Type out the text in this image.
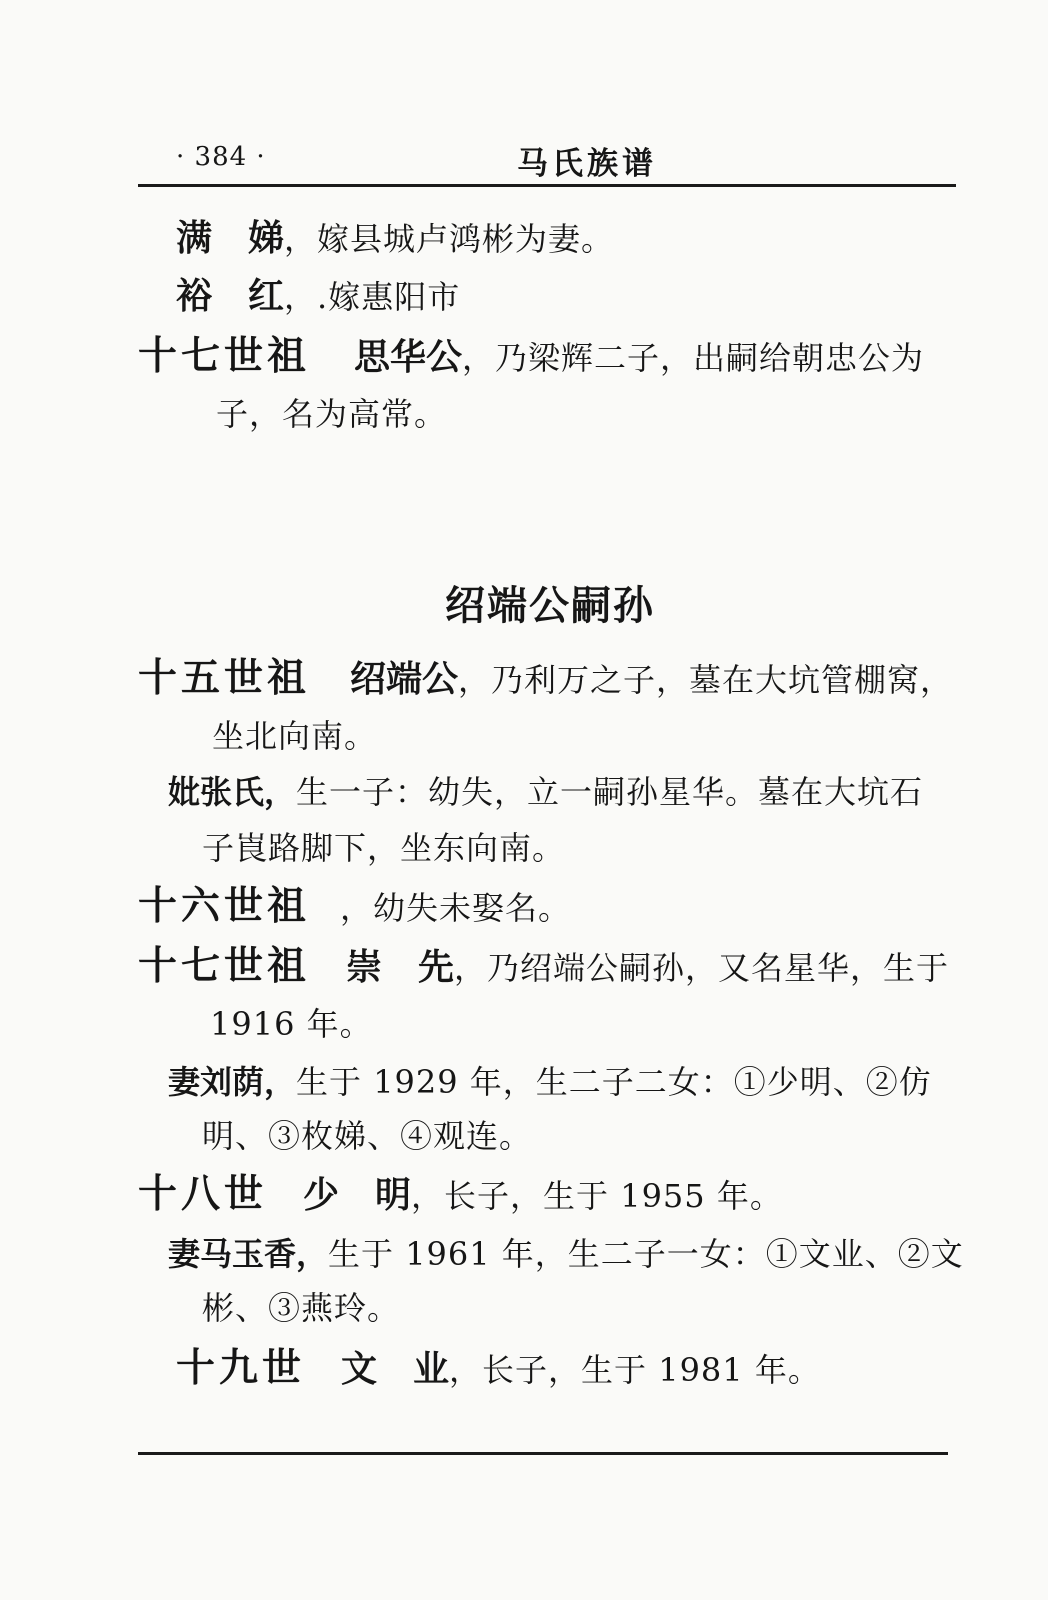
· 384 ·	马氏族谱
满　娣，嫁县城卢鸿彬为妻。
裕　红，.嫁惠阳市
十七世祖 思华公，乃梁辉二子，出嗣给朝忠公为
子，名为高常。
绍端公嗣孙
十五世祖 绍端公，乃利万之子，墓在大坑管棚窝，
坐北向南。
妣张氏，生一子：幼失，立一嗣孙星华。墓在大坑石
子崀路脚下，坐东向南。
十六世祖 ，幼失未娶名。
十七世祖 崇　先，乃绍端公嗣孙，又名星华，生于
1916 年。
妻刘荫，生于 1929 年，生二子二女：①少明、②仿
明、③枚娣、④观连。
十八世 少　明，长子，生于 1955 年。
妻马玉香，生于 1961 年，生二子一女：①文业、②文
彬、③燕玲。
十九世 文　业，长子，生于 1981 年。
